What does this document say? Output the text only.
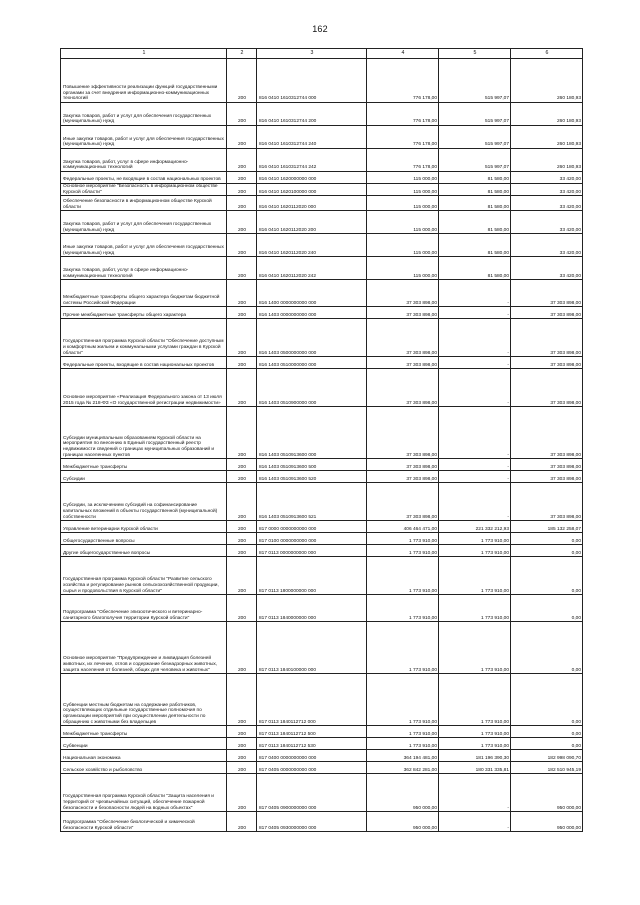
162
1	2	3	4	5	6
Повышение эффективности реализации функций государственными органами за счет внедрения информационно-коммуникационных технологий	200	816 0410 1610312744 000	776 178,00	515 997,07	260 180,93
Закупка товаров, работ и услуг для обеспечения государственных (муниципальных) нужд	200	816 0410 1610312744 200	776 178,00	515 997,07	260 180,93
Иные закупки товаров, работ и услуг для обеспечения государственных (муниципальных) нужд	200	816 0410 1610312744 240	776 178,00	515 997,07	260 180,93
Закупка товаров, работ, услуг в сфере информационно-коммуникационных технологий	200	816 0410 1610312744 242	776 178,00	515 997,07	260 180,93
Федеральные проекты, не входящие в состав национальных проектов	200	816 0410 1620000000 000	115 000,00	81 580,00	33 420,00
Основное мероприятие "Безопасность в информационном обществе Курской области"	200	816 0410 1620100000 000	115 000,00	81 580,00	33 420,00
Обеспечение безопасности в информационном обществе Курской области	200	816 0410 1620112020 000	115 000,00	81 580,00	33 420,00
Закупка товаров, работ и услуг для обеспечения государственных (муниципальных) нужд	200	816 0410 1620112020 200	115 000,00	81 580,00	33 420,00
Иные закупки товаров, работ и услуг для обеспечения государственных (муниципальных) нужд	200	816 0410 1620112020 240	115 000,00	81 580,00	33 420,00
Закупка товаров, работ, услуг в сфере информационно-коммуникационных технологий	200	816 0410 1620112020 242	115 000,00	81 580,00	33 420,00
Межбюджетные трансферты общего характера бюджетам бюджетной системы Российской Федерации	200	816 1400 0000000000 000	37 303 898,00	-	37 303 898,00
Прочие межбюджетные трансферты общего характера	200	816 1403 0000000000 000	37 303 898,00	-	37 303 898,00
Государственная программа Курской области "Обеспечение доступным и комфортным жильем и коммунальными услугами граждан в Курской области"	200	816 1403 0500000000 000	37 303 898,00	-	37 303 898,00
Федеральные проекты, входящие в состав национальных проектов	200	816 1403 0510000000 000	37 303 898,00	-	37 303 898,00
Основное мероприятие «Реализация Федерального закона от 13 июля 2015 года № 218-ФЗ «О государственной регистрации недвижимости»	200	816 1403 0510900000 000	37 303 898,00	-	37 303 898,00
Субсидии муниципальным образованиям Курской области на мероприятия по внесению в Единый государственный реестр недвижимости сведений о границах муниципальных образований и границах населенных пунктов	200	816 1403 0510913600 000	37 303 898,00	-	37 303 898,00
Межбюджетные трансферты	200	816 1403 0510913600 500	37 303 898,00	-	37 303 898,00
Субсидии	200	816 1403 0510913600 520	37 303 898,00	-	37 303 898,00
Субсидии, за исключением субсидий на софинансирование капитальных вложений в объекты государственной (муниципальной) собственности	200	816 1403 0510913600 521	37 303 898,00	-	37 303 898,00
Управление ветеринарии Курской области	200	817 0000 0000000000 000	406 464 471,00	221 332 212,93	185 132 258,07
Общегосударственные вопросы	200	817 0100 0000000000 000	1 773 910,00	1 773 910,00	0,00
Другие общегосударственные вопросы	200	817 0113 0000000000 000	1 773 910,00	1 773 910,00	0,00
Государственная программа Курской области "Развитие сельского хозяйства и регулирование рынков сельскохозяйственной продукции, сырья и продовольствия в Курской области"	200	817 0113 1800000000 000	1 773 910,00	1 773 910,00	0,00
Подпрограмма "Обеспечение эпизоотического и ветеринарно-санитарного благополучия территории Курской области"	200	817 0113 1840000000 000	1 773 910,00	1 773 910,00	0,00
Основное мероприятие "Предупреждение и ликвидация болезней животных, их лечение, отлов и содержание безнадзорных животных, защита населения от болезней, общих для человека и животных"	200	817 0113 1840100000 000	1 773 910,00	1 773 910,00	0,00
Субвенции местным бюджетам на содержание работников, осуществляющих отдельные государственные полномочия по организации мероприятий при осуществлении деятельности по обращению с животными без владельцев	200	817 0113 1840112712 000	1 773 910,00	1 773 910,00	0,00
Межбюджетные трансферты	200	817 0113 1840112712 500	1 773 910,00	1 773 910,00	0,00
Субвенции	200	817 0113 1840112712 530	1 773 910,00	1 773 910,00	0,00
Национальная экономика	200	817 0400 0000000000 000	364 194 481,00	181 196 390,30	182 998 090,70
Сельское хозяйство и рыболовство	200	817 0405 0000000000 000	362 842 281,00	180 331 335,81	182 510 945,19
Государственная программа Курской области "Защита населения и территорий от чрезвычайных ситуаций, обеспечение пожарной безопасности и безопасности людей на водных объектах"	200	817 0405 0900000000 000	950 000,00	-	950 000,00
Подпрограмма "Обеспечение биологической и химической безопасности Курской области"	200	817 0405 0930000000 000	950 000,00	-	950 000,00
